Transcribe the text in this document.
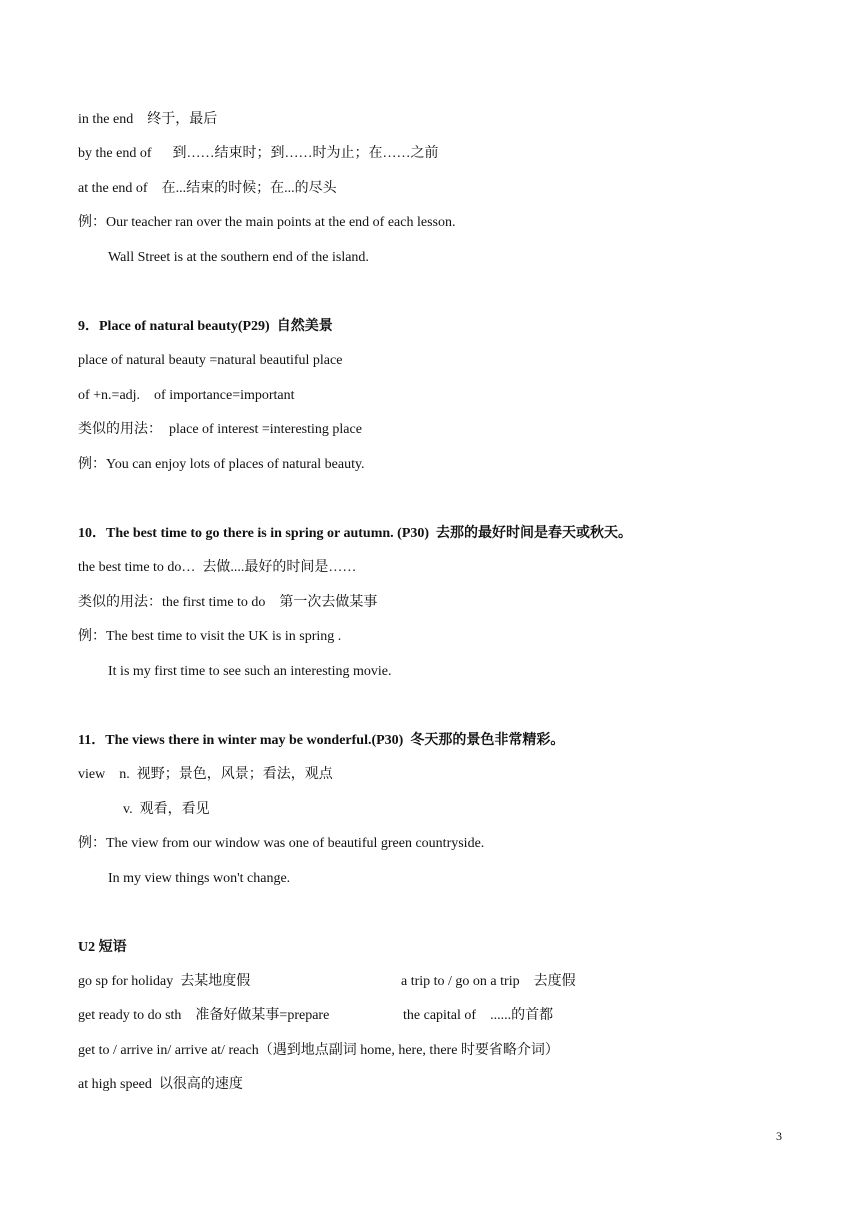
in the end    终于，最后
by the end of      到……结束时；到……时为止；在……之前
at the end of    在...结束的时候；在...的尽头
例：Our teacher ran over the main points at the end of each lesson.
Wall Street is at the southern end of the island.
9．Place of natural beauty(P29)  自然美景
place of natural beauty =natural beautiful place
of +n.=adj.    of importance=important
类似的用法：  place of interest =interesting place
例：You can enjoy lots of places of natural beauty.
10．The best time to go there is in spring or autumn. (P30)  去那的最好时间是春天或秋天。
the best time to do…  去做....最好的时间是……
类似的用法：the first time to do    第一次去做某事
例：The best time to visit the UK is in spring .
It is my first time to see such an interesting movie.
11．The views there in winter may be wonderful.(P30)  冬天那的景色非常精彩。
view    n.  视野；景色，风景；看法，观点
v.  观看，看见
例：The view from our window was one of beautiful green countryside.
In my view things won't change.
U2 短语
go sp for holiday  去某地度假	a trip to / go on a trip    去度假
get ready to do sth    准备好做某事=prepare	the capital of    ......的首都
get to / arrive in/ arrive at/ reach（遇到地点副词 home, here, there 时要省略介词）
at high speed  以很高的速度
3
